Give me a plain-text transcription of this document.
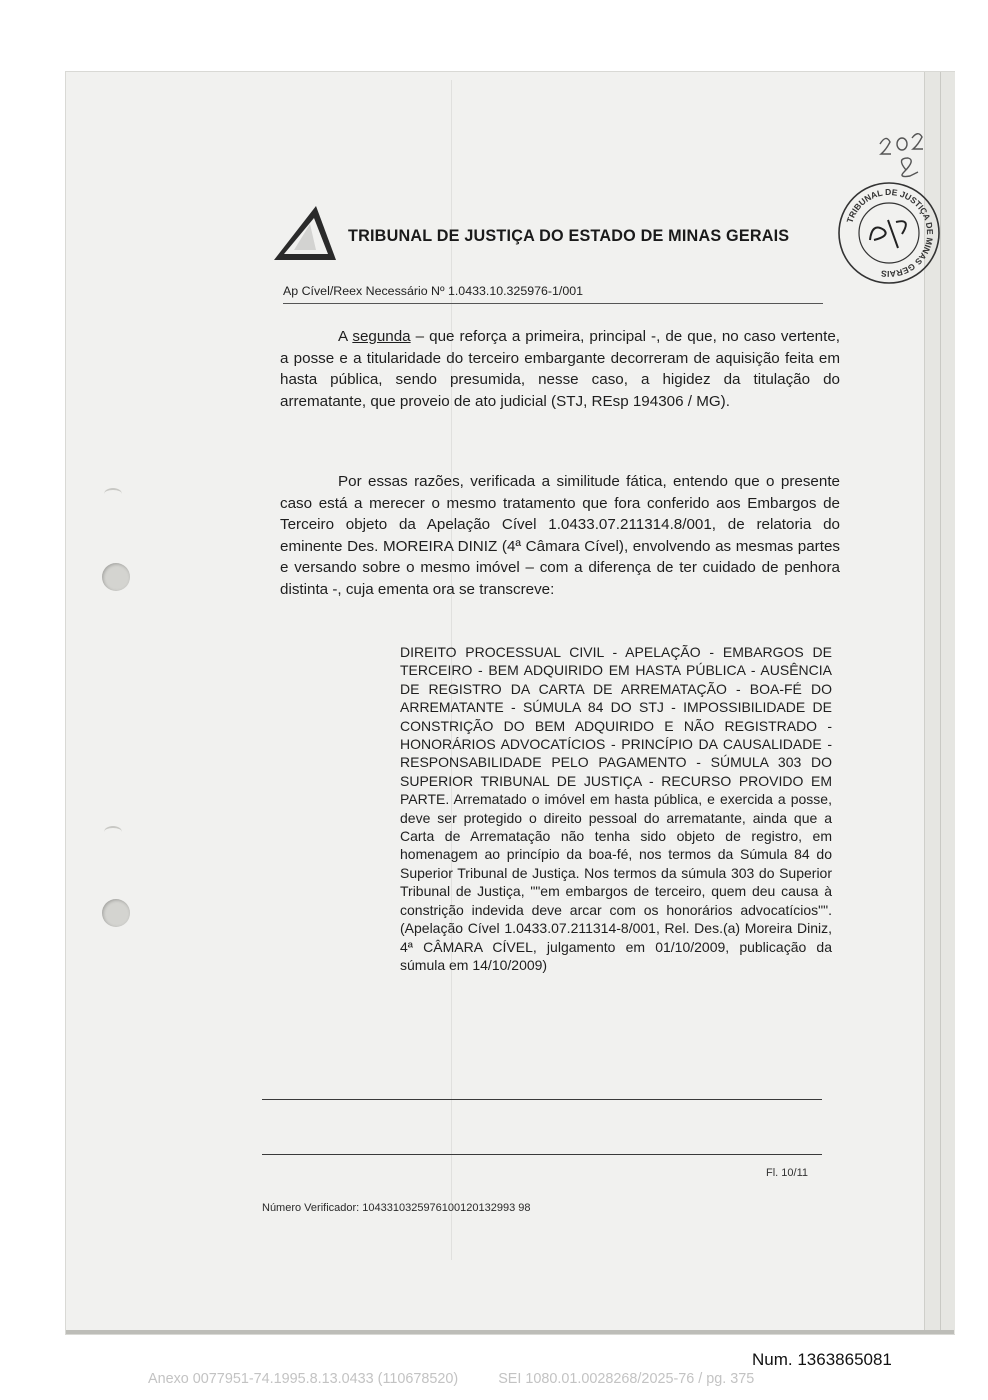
TRIBUNAL DE JUSTIÇA DO ESTADO DE MINAS GERAIS
TRIBUNAL DE JUSTIÇA DE MINAS GERAIS
Ap Cível/Reex Necessário Nº 1.0433.10.325976-1/001

A segunda – que reforça a primeira, principal -, de que, no caso vertente, a posse e a titularidade do terceiro embargante decorreram de aquisição feita em hasta pública, sendo presumida, nesse caso, a higidez da titulação do arrematante, que proveio de ato judicial (STJ, REsp 194306 / MG).

Por essas razões, verificada a similitude fática, entendo que o presente caso está a merecer o mesmo tratamento que fora conferido aos Embargos de Terceiro objeto da Apelação Cível 1.0433.07.211314.8/001, de relatoria do eminente Des. MOREIRA DINIZ (4ª Câmara Cível), envolvendo as mesmas partes e versando sobre o mesmo imóvel – com a diferença de ter cuidado de penhora distinta -, cuja ementa ora se transcreve:

DIREITO PROCESSUAL CIVIL - APELAÇÃO - EMBARGOS DE TERCEIRO - BEM ADQUIRIDO EM HASTA PÚBLICA - AUSÊNCIA DE REGISTRO DA CARTA DE ARREMATAÇÃO - BOA-FÉ DO ARREMATANTE - SÚMULA 84 DO STJ - IMPOSSIBILIDADE DE CONSTRIÇÃO DO BEM ADQUIRIDO E NÃO REGISTRADO - HONORÁRIOS ADVOCATÍCIOS - PRINCÍPIO DA CAUSALIDADE - RESPONSABILIDADE PELO PAGAMENTO - SÚMULA 303 DO SUPERIOR TRIBUNAL DE JUSTIÇA - RECURSO PROVIDO EM PARTE. Arrematado o imóvel em hasta pública, e exercida a posse, deve ser protegido o direito pessoal do arrematante, ainda que a Carta de Arrematação não tenha sido objeto de registro, em homenagem ao princípio da boa-fé, nos termos da Súmula 84 do Superior Tribunal de Justiça. Nos termos da súmula 303 do Superior Tribunal de Justiça, ""em embargos de terceiro, quem deu causa à constrição indevida deve arcar com os honorários advocatícios"". (Apelação Cível 1.0433.07.211314-8/001, Rel. Des.(a) Moreira Diniz, 4ª CÂMARA CÍVEL, julgamento em 01/10/2009, publicação da súmula em 14/10/2009)

Fl. 10/11
Número Verificador: 1043310325976100120132993 98
Num. 1363865081
Anexo 0077951-74.1995.8.13.0433 (110678520)	SEI 1080.01.0028268/2025-76 / pg. 375
